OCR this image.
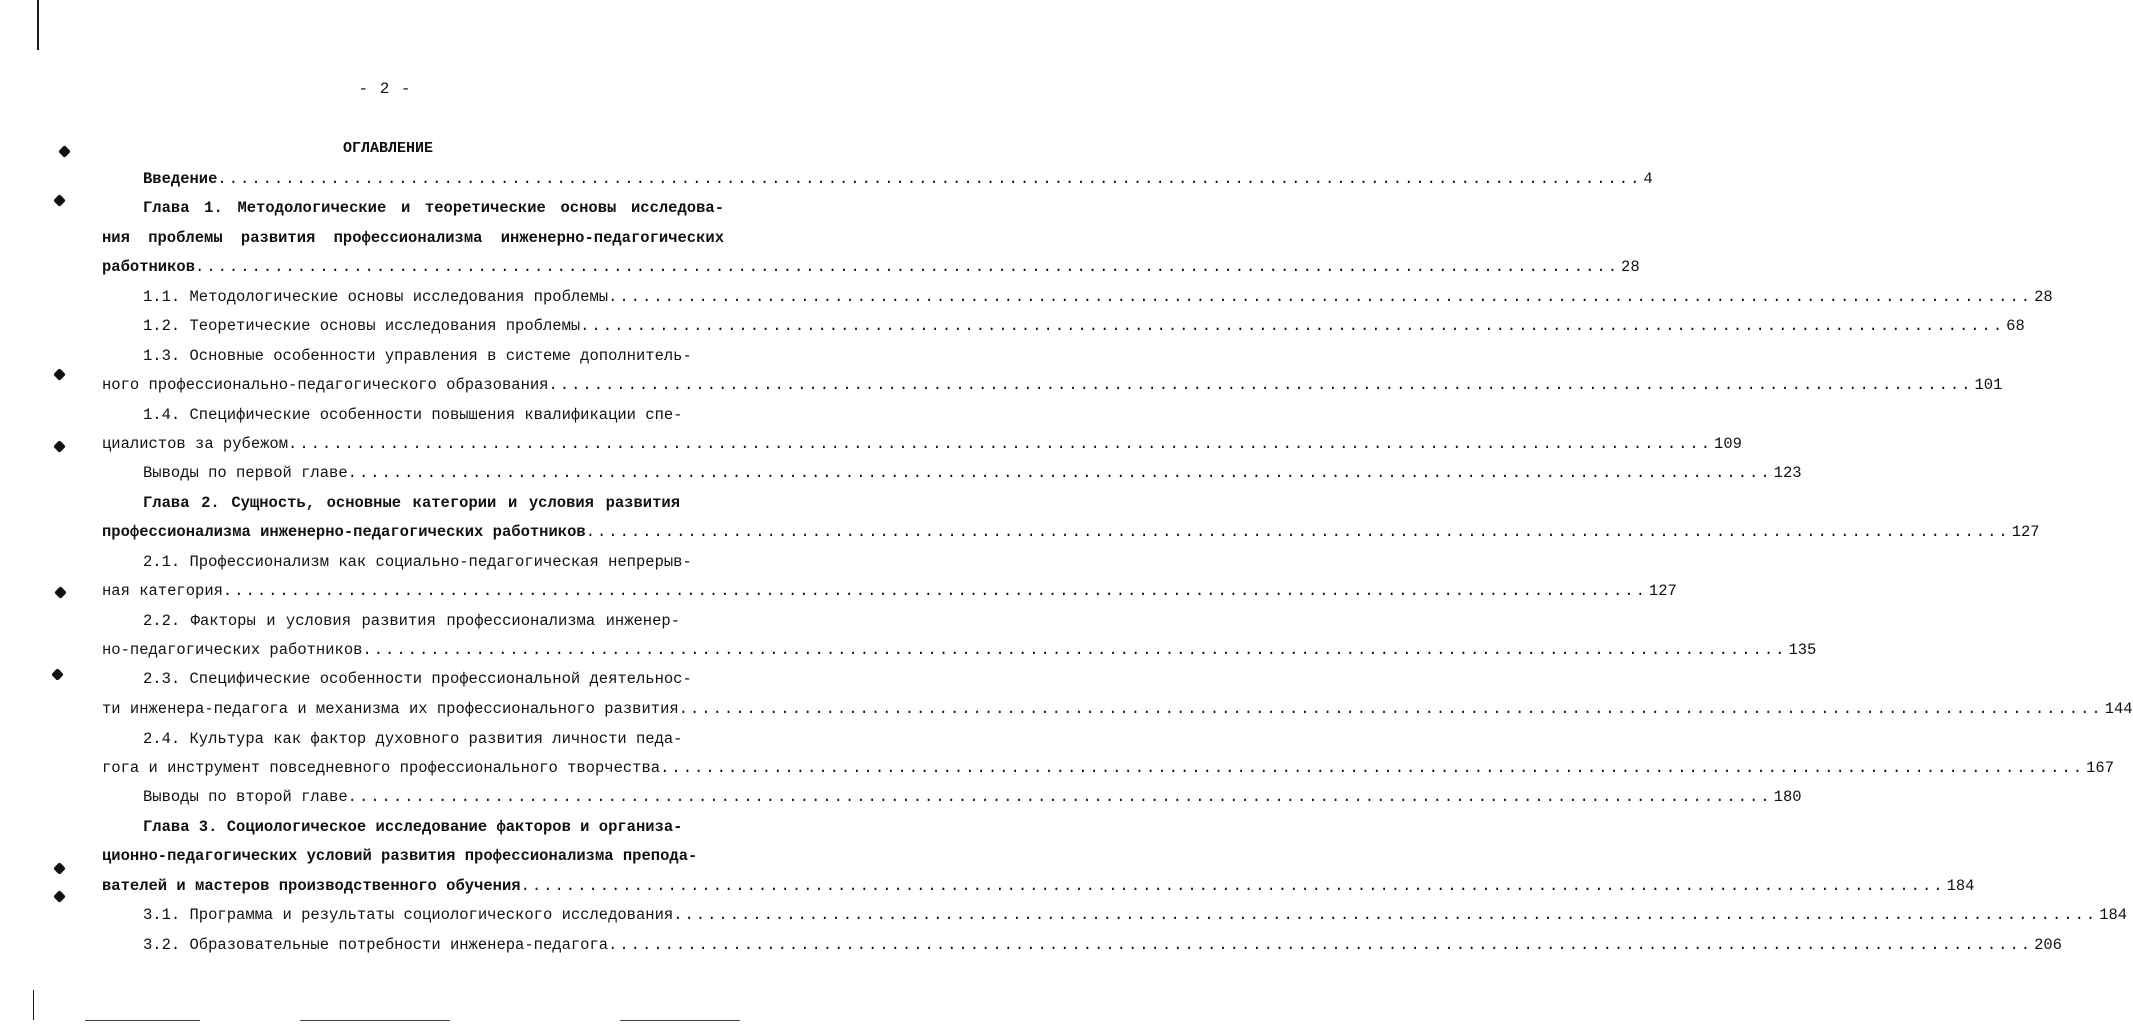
- 2 -
ОГЛАВЛЕНИЕ
Введение .............................................................................................................................. 4
Глава 1. Методологические и теоретические основы исследова-
ния проблемы развития профессионализма инженерно-педагогических
работников .............................................................................................................................. 28
1.1. Методологические основы исследования проблемы .............................................................................................................................. 28
1.2. Теоретические основы исследования проблемы .............................................................................................................................. 68
1.3. Основные особенности управления в системе дополнитель-
ного профессионально-педагогического образования .............................................................................................................................. 101
1.4. Специфические особенности повышения квалификации спе-
циалистов за рубежом .............................................................................................................................. 109
Выводы по первой главе .............................................................................................................................. 123
Глава 2. Сущность, основные категории и условия развития
профессионализма инженерно-педагогических работников .............................................................................................................................. 127
2.1. Профессионализм как социально-педагогическая непрерыв-
ная категория .............................................................................................................................. 127
2.2. Факторы и условия развития профессионализма инженер-
но-педагогических работников .............................................................................................................................. 135
2.3. Специфические особенности профессиональной деятельнос-
ти инженера-педагога и механизма их профессионального развития .............................................................................................................................. 144
2.4. Культура как фактор духовного развития личности педа-
гога и инструмент повседневного профессионального творчества .............................................................................................................................. 167
Выводы по второй главе .............................................................................................................................. 180
Глава 3. Социологическое исследование факторов и организа-
ционно-педагогических условий развития профессионализма препода-
вателей и мастеров производственного обучения .............................................................................................................................. 184
3.1. Программа и результаты социологического исследования .............................................................................................................................. 184
3.2. Образовательные потребности инженера-педагога .............................................................................................................................. 206
